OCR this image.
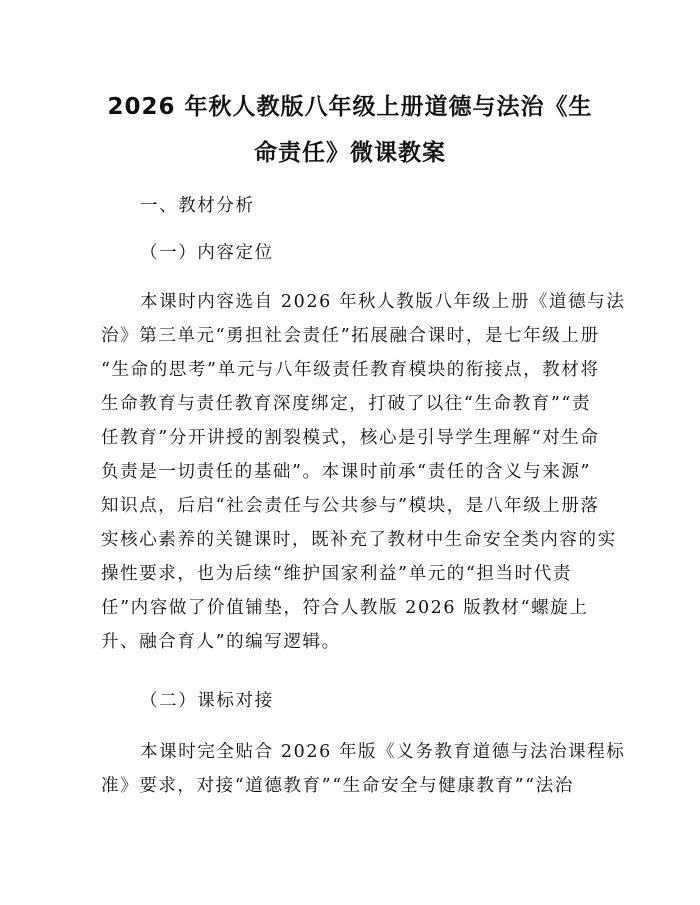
2026 年秋人教版八年级上册道德与法治《生
命责任》微课教案
一、教材分析
（一）内容定位
本课时内容选自 2026 年秋人教版八年级上册《道德与法
治》第三单元“勇担社会责任”拓展融合课时，是七年级上册
“生命的思考”单元与八年级责任教育模块的衔接点，教材将
生命教育与责任教育深度绑定，打破了以往“生命教育”“责
任教育”分开讲授的割裂模式，核心是引导学生理解“对生命
负责是一切责任的基础”。本课时前承“责任的含义与来源”
知识点，后启“社会责任与公共参与”模块，是八年级上册落
实核心素养的关键课时，既补充了教材中生命安全类内容的实
操性要求，也为后续“维护国家利益”单元的“担当时代责
任”内容做了价值铺垫，符合人教版 2026 版教材“螺旋上
升、融合育人”的编写逻辑。
（二）课标对接
本课时完全贴合 2026 年版《义务教育道德与法治课程标
准》要求，对接“道德教育”“生命安全与健康教育”“法治
